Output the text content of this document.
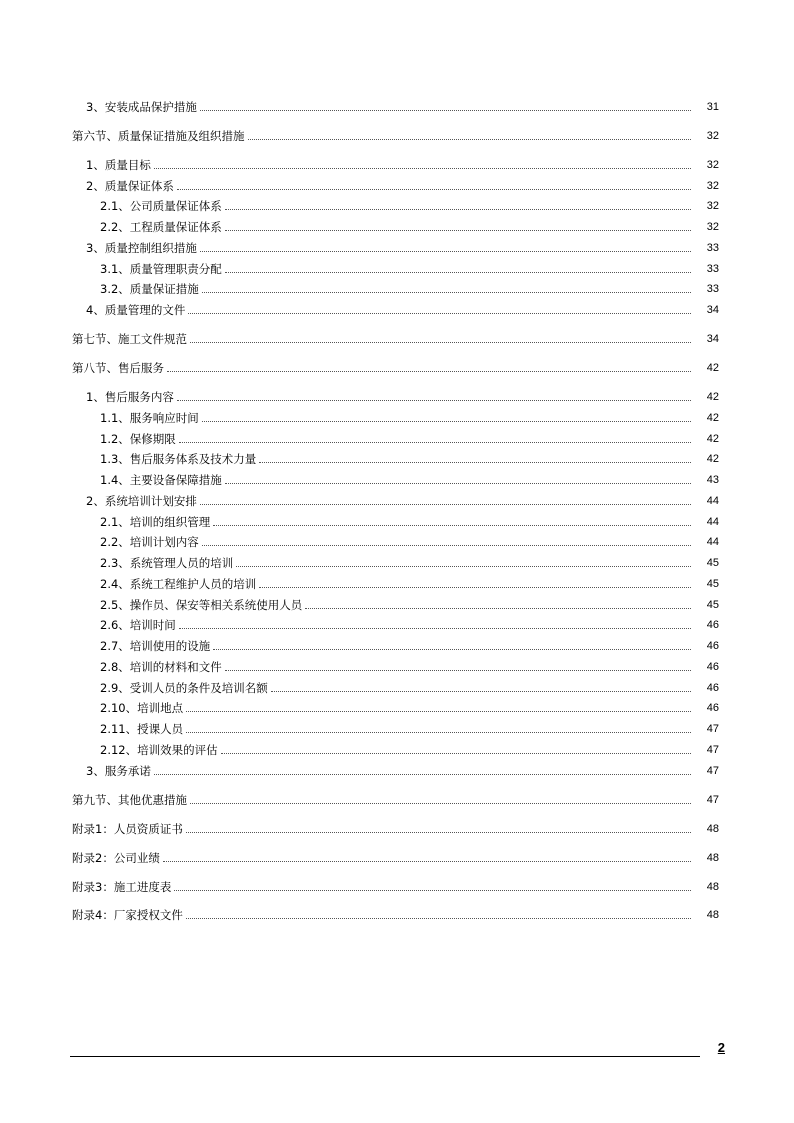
3、安装成品保护措施	31
第六节、质量保证措施及组织措施	32
1、质量目标	32
2、质量保证体系	32
2.1、公司质量保证体系	32
2.2、工程质量保证体系	32
3、质量控制组织措施	33
3.1、质量管理职责分配	33
3.2、质量保证措施	33
4、质量管理的文件	34
第七节、施工文件规范	34
第八节、售后服务	42
1、售后服务内容	42
1.1、服务响应时间	42
1.2、保修期限	42
1.3、售后服务体系及技术力量	42
1.4、主要设备保障措施	43
2、系统培训计划安排	44
2.1、培训的组织管理	44
2.2、培训计划内容	44
2.3、系统管理人员的培训	45
2.4、系统工程维护人员的培训	45
2.5、操作员、保安等相关系统使用人员	45
2.6、培训时间	46
2.7、培训使用的设施	46
2.8、培训的材料和文件	46
2.9、受训人员的条件及培训名额	46
2.10、培训地点	46
2.11、授课人员	47
2.12、培训效果的评估	47
3、服务承诺	47
第九节、其他优惠措施	47
附录1：人员资质证书	48
附录2：公司业绩	48
附录3：施工进度表	48
附录4：厂家授权文件	48
2
